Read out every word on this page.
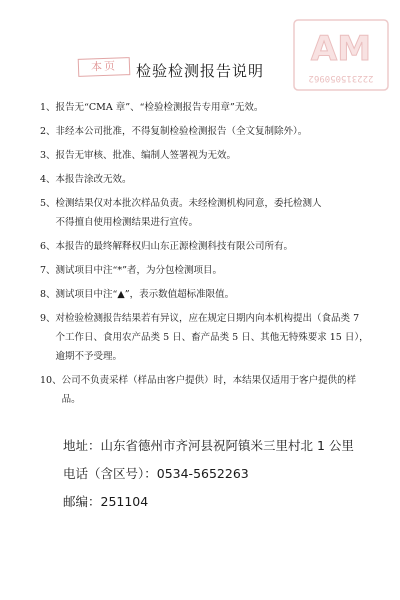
本页	AM
222315050962
检验检测报告说明
1、 报告无“CMA 章”、“检验检测报告专用章”无效。
2、 非经本公司批准，不得复制检验检测报告（全文复制除外）。
3、 报告无审核、批准、编制人签署视为无效。
4、 本报告涂改无效。
5、 检测结果仅对本批次样品负责。未经检测机构同意，委托检测人
不得擅自使用检测结果进行宣传。
6、 本报告的最终解释权归山东正源检测科技有限公司所有。
7、 测试项目中注“*”者，为分包检测项目。
8、 测试项目中注“▲”，表示数值超标准限值。
9、 对检验检测报告结果若有异议，应在规定日期内向本机构提出（食品类 7 个工作日、食用农产品类 5 日、畜产品类 5 日、其他无特殊要求 15 日），逾期不予受理。
10、 公司不负责采样（样品由客户提供）时，本结果仅适用于客户提供的样品。
地址：山东省德州市齐河县祝阿镇米三里村北 1 公里
电话（含区号）：0534-5652263
邮编：251104
